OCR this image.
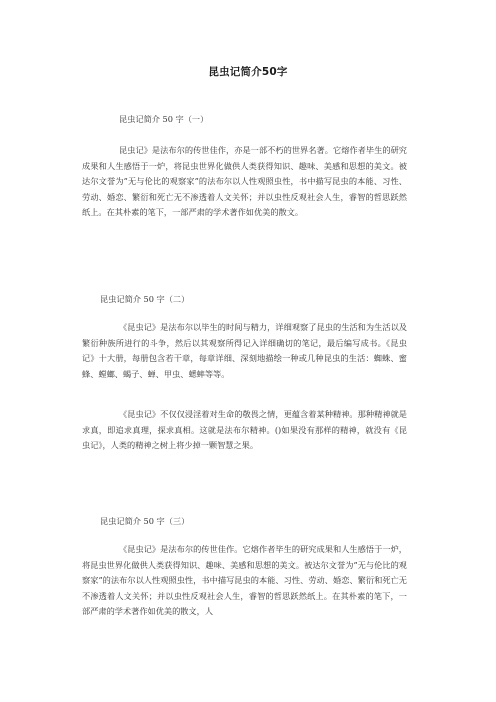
昆虫记简介50字
昆虫记简介 50 字（一）
昆虫记》是法布尔的传世佳作，亦是一部不朽的世界名著。它熔作者毕生的研究成果和人生感悟于一炉，将昆虫世界化做供人类获得知识、趣味、美感和思想的美文。被达尔文誉为”无与伦比的观察家”的法布尔以人性观照虫性，书中描写昆虫的本能、习性、劳动、婚恋、繁衍和死亡无不渗透着人文关怀；并以虫性反观社会人生，睿智的哲思跃然纸上。在其朴素的笔下，一部严肃的学术著作如优美的散文。
昆虫记简介 50 字（二）
《昆虫记》是法布尔以毕生的时间与精力，详细观察了昆虫的生活和为生活以及繁衍种族所进行的斗争，然后以其观察所得记入详细确切的笔记，最后编写成书。《昆虫记》十大册，每册包含若干章，每章详细、深刻地描绘一种或几种昆虫的生活：蜘蛛、蜜蜂、螳螂、蝎子、蝉、甲虫、蟋蟀等等。
《昆虫记》不仅仅浸淫着对生命的敬畏之情，更蕴含着某种精神。那种精神就是求真，即追求真理，探求真相。这就是法布尔精神。()如果没有那样的精神，就没有《昆虫记》，人类的精神之树上将少掉一颗智慧之果。
昆虫记简介 50 字（三）
《昆虫记》是法布尔的传世佳作。它熔作者毕生的研究成果和人生感悟于一炉，将昆虫世界化做供人类获得知识、趣味、美感和思想的美文。被达尔文誉为”无与伦比的观察家”的法布尔以人性观照虫性，书中描写昆虫的本能、习性、劳动、婚恋、繁衍和死亡无不渗透着人文关怀；并以虫性反观社会人生，睿智的哲思跃然纸上。在其朴素的笔下，一部严肃的学术著作如优美的散文，人
